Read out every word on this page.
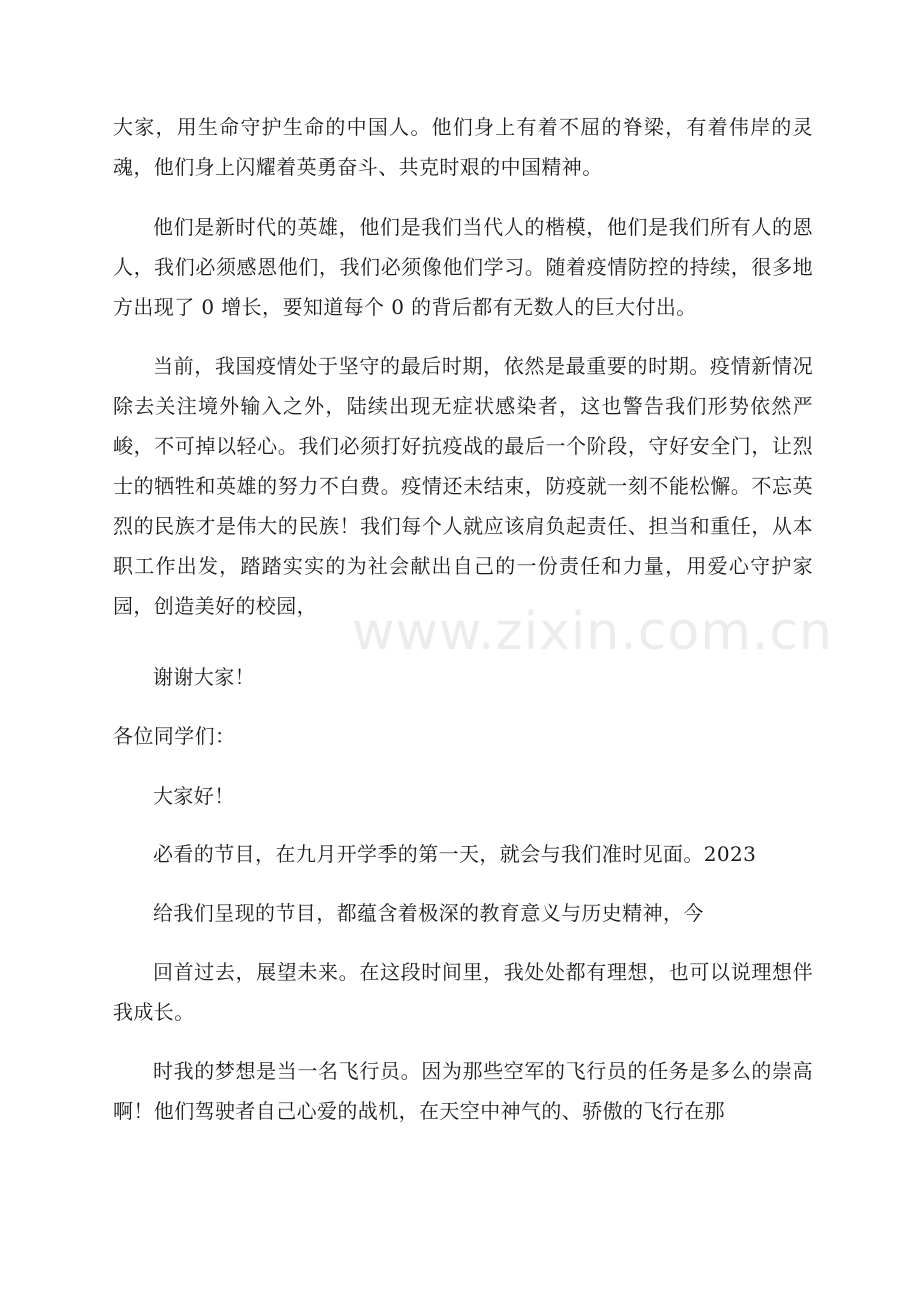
大家，用生命守护生命的中国人。他们身上有着不屈的脊梁，有着伟岸的灵魂，他们身上闪耀着英勇奋斗、共克时艰的中国精神。

他们是新时代的英雄，他们是我们当代人的楷模，他们是我们所有人的恩人，我们必须感恩他们，我们必须像他们学习。随着疫情防控的持续，很多地方出现了 0 增长，要知道每个 0 的背后都有无数人的巨大付出。

当前，我国疫情处于坚守的最后时期，依然是最重要的时期。疫情新情况除去关注境外输入之外，陆续出现无症状感染者，这也警告我们形势依然严峻，不可掉以轻心。我们必须打好抗疫战的最后一个阶段，守好安全门，让烈士的牺牲和英雄的努力不白费。疫情还未结束，防疫就一刻不能松懈。不忘英烈的民族才是伟大的民族！我们每个人就应该肩负起责任、担当和重任，从本职工作出发，踏踏实实的为社会献出自己的一份责任和力量，用爱心守护家园，创造美好的校园，

谢谢大家！

各位同学们：

大家好！

必看的节目，在九月开学季的第一天，就会与我们准时见面。2023

给我们呈现的节目，都蕴含着极深的教育意义与历史精神，今

回首过去，展望未来。在这段时间里，我处处都有理想，也可以说理想伴我成长。

时我的梦想是当一名飞行员。因为那些空军的飞行员的任务是多么的崇高啊！他们驾驶者自己心爱的战机，在天空中神气的、骄傲的飞行在那

www.zixin.com.cn
